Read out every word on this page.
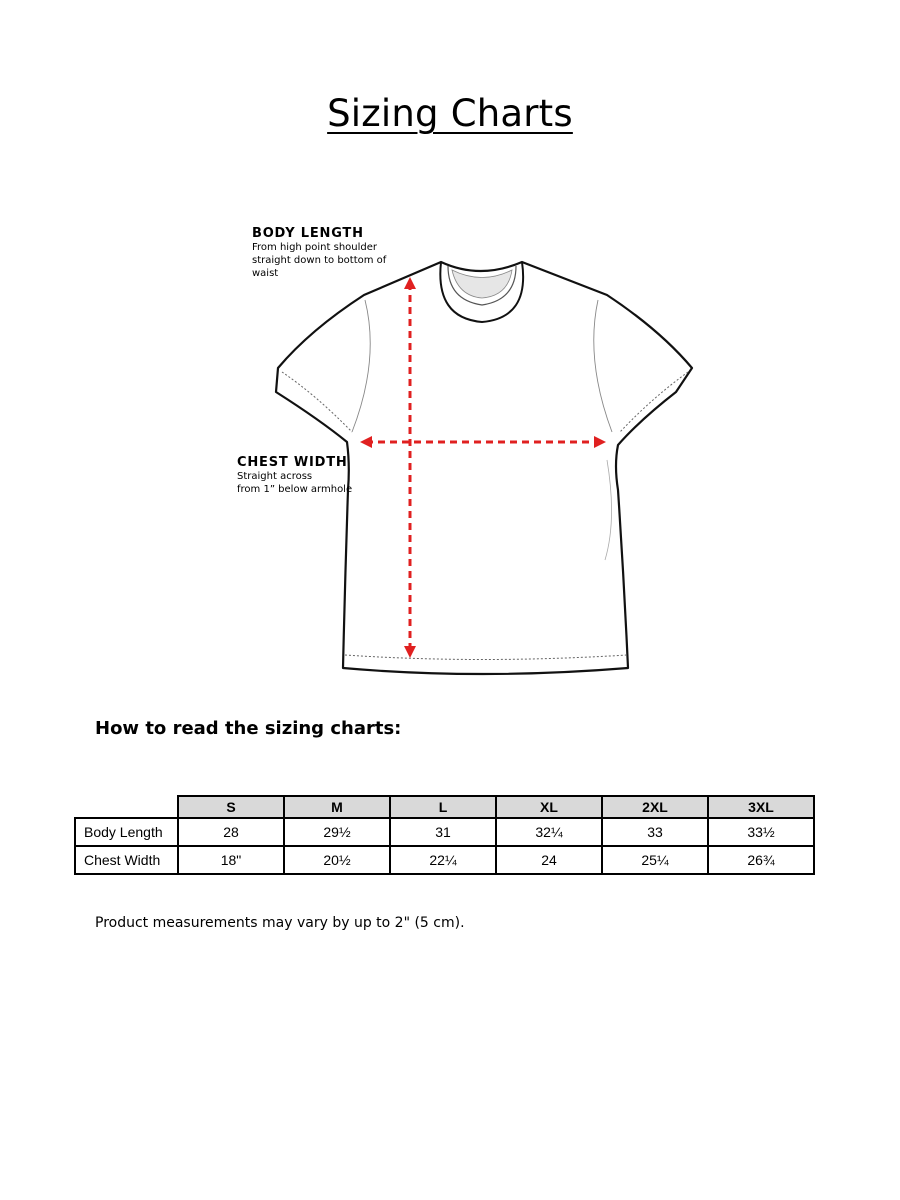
Sizing Charts
BODY LENGTH
From high point shoulder
straight down to bottom of waist
CHEST WIDTH
Straight across
from 1” below armhole
How to read the sizing charts:
	S	M	L	XL	2XL	3XL
Body Length	28	29½	31	32¼	33	33½
Chest Width	18"	20½	22¼	24	25¼	26¾
Product measurements may vary by up to 2" (5 cm).
